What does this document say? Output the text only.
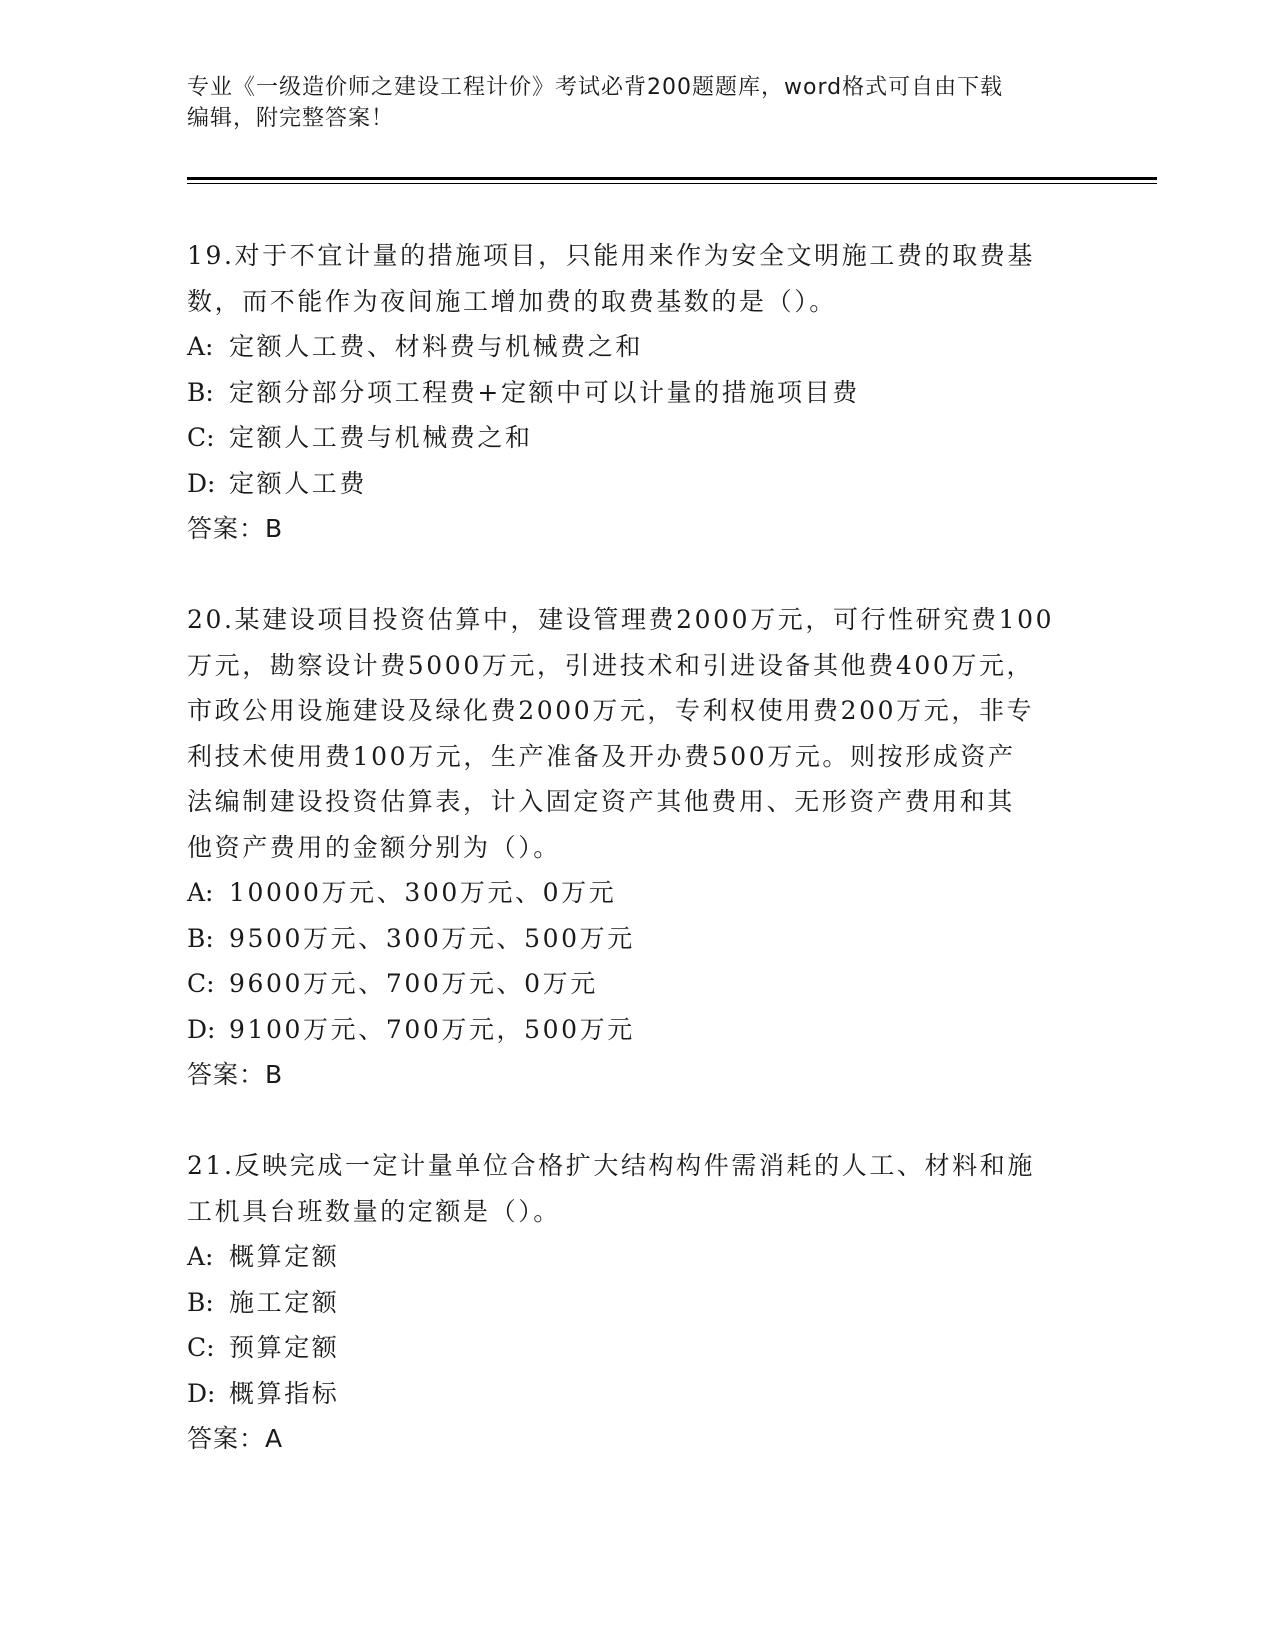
专业《一级造价师之建设工程计价》考试必背200题题库，word格式可自由下载
编辑，附完整答案！

19.对于不宜计量的措施项目，只能用来作为安全文明施工费的取费基

数，而不能作为夜间施工增加费的取费基数的是（）。

A: 定额人工费、材料费与机械费之和

B: 定额分部分项工程费+定额中可以计量的措施项目费

C: 定额人工费与机械费之和

D: 定额人工费

答案：B

20.某建设项目投资估算中，建设管理费2000万元，可行性研究费100

万元，勘察设计费5000万元，引进技术和引进设备其他费400万元，

市政公用设施建设及绿化费2000万元，专利权使用费200万元，非专

利技术使用费100万元，生产准备及开办费500万元。则按形成资产

法编制建设投资估算表，计入固定资产其他费用、无形资产费用和其

他资产费用的金额分别为（）。

A: 10000万元、300万元、0万元

B: 9500万元、300万元、500万元

C: 9600万元、700万元、0万元

D: 9100万元、700万元，500万元

答案：B

21.反映完成一定计量单位合格扩大结构构件需消耗的人工、材料和施

工机具台班数量的定额是（）。

A: 概算定额

B: 施工定额

C: 预算定额

D: 概算指标

答案：A
